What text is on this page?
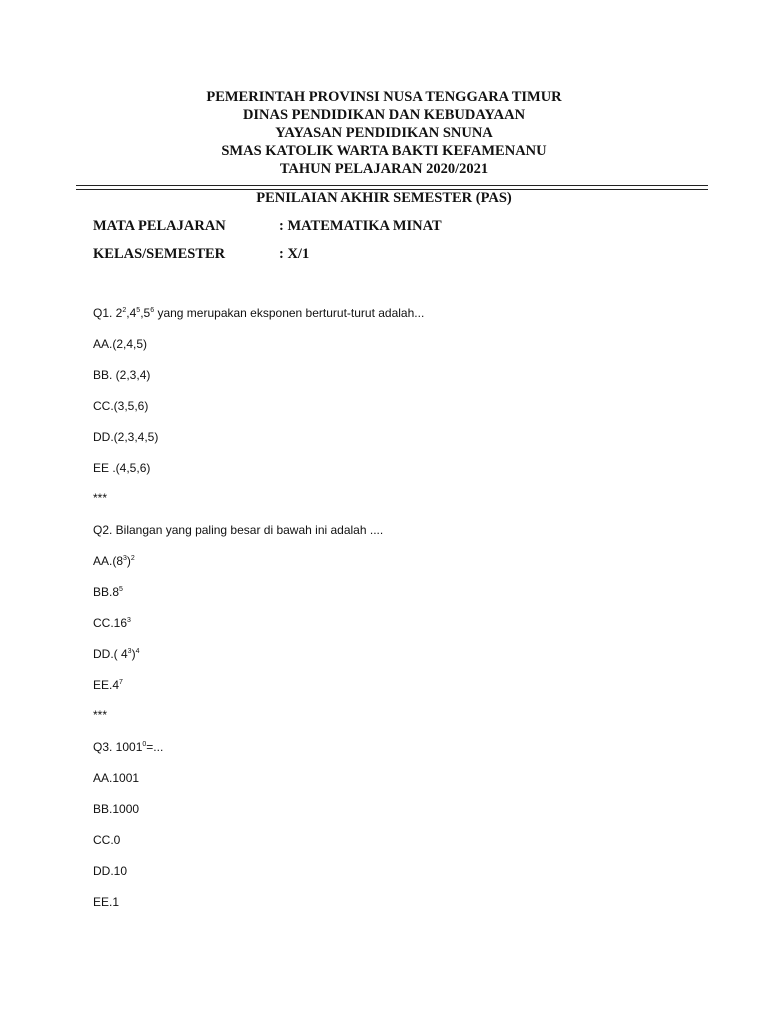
PEMERINTAH PROVINSI NUSA TENGGARA TIMUR
DINAS PENDIDIKAN DAN KEBUDAYAAN
YAYASAN PENDIDIKAN SNUNA
SMAS KATOLIK WARTA BAKTI KEFAMENANU
TAHUN PELAJARAN 2020/2021
PENILAIAN AKHIR SEMESTER (PAS)
MATA PELAJARAN	: MATEMATIKA MINAT
KELAS/SEMESTER	: X/1
Q1. $2^2,4^5,5^6$ yang merupakan eksponen berturut-turut adalah...
AA.(2,4,5)
BB. (2,3,4)
CC.(3,5,6)
DD.(2,3,4,5)
EE .(4,5,6)
***
Q2. Bilangan yang paling besar di bawah ini adalah ....
$AA.(8^3)^2$
$BB.8^5$
$CC.16^3$
DD.( $4^3)^4$
$EE.4^7$
***
Q3. $1001^0=$...
AA.1001
BB.1000
CC.0
DD.10
EE.1
